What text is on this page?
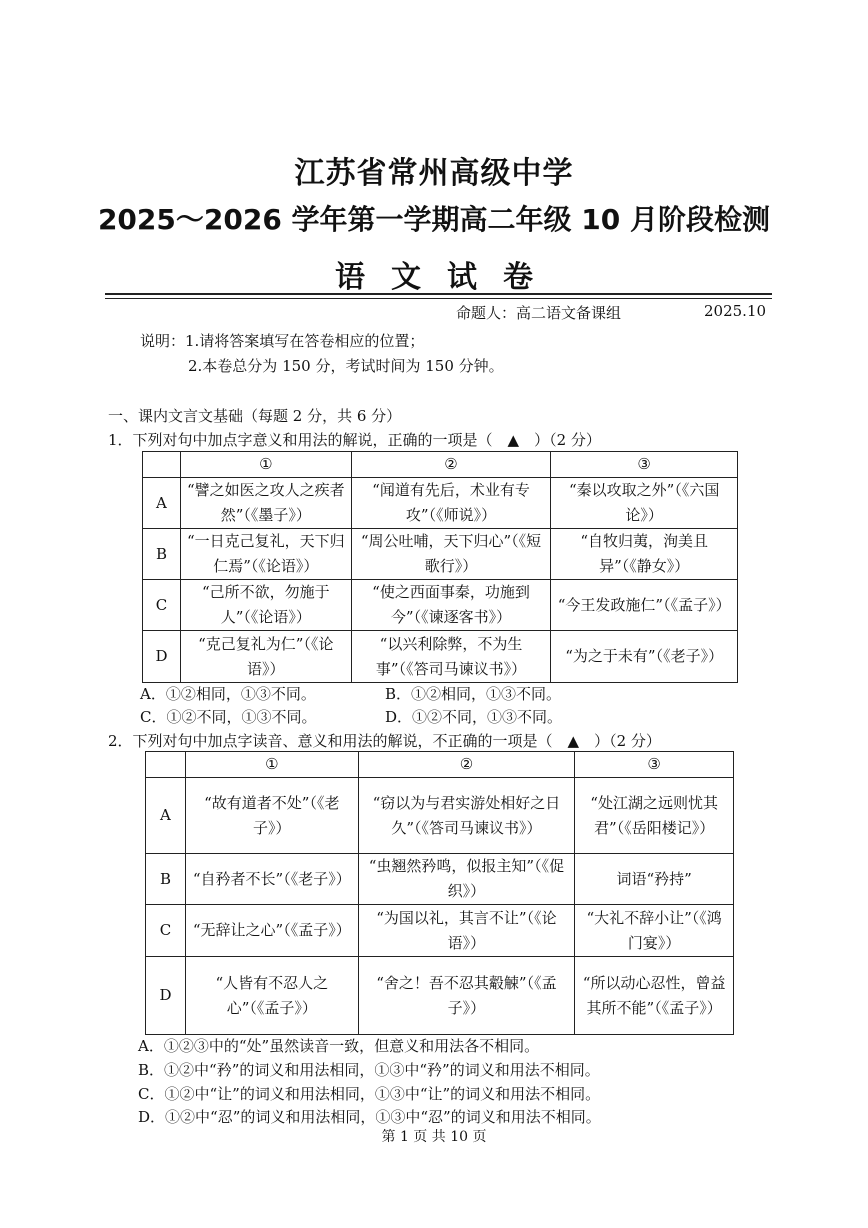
江苏省常州高级中学
2025～2026 学年第一学期高二年级 10 月阶段检测
语文试卷
命题人：高二语文备课组	2025.10
说明：1.请将答案填写在答卷相应的位置；
2.本卷总分为 150 分，考试时间为 150 分钟。
一、课内文言文基础（每题 2 分，共 6 分）
1．下列对句中加点字意义和用法的解说，正确的一项是（　▲　）（2 分）
	①	②	③
A	“譬之如医之攻人之疾者然”（《墨子》）	“闻道有先后，术业有专攻”（《师说》）	“秦以攻取之外”（《六国论》）
B	“一日克己复礼，天下归仁焉”（《论语》）	“周公吐哺，天下归心”（《短歌行》）	“自牧归荑，洵美且异”（《静女》）
C	“己所不欲，勿施于人”（《论语》）	“使之西面事秦，功施到今”（《谏逐客书》）	“今王发政施仁”（《孟子》）
D	“克己复礼为仁”（《论语》）	“以兴利除弊，不为生事”（《答司马谏议书》）	“为之于未有”（《老子》）
A．①②相同，①③不同。	B．①②相同，①③不同。
C．①②不同，①③不同。	D．①②不同，①③不同。
2．下列对句中加点字读音、意义和用法的解说，不正确的一项是（　▲　）（2 分）
	①	②	③
A	“故有道者不处”（《老子》）	“窃以为与君实游处相好之日久”（《答司马谏议书》）	“处江湖之远则忧其君”（《岳阳楼记》）
B	“自矜者不长”（《老子》）	“虫翘然矜鸣，似报主知”（《促织》）	词语“矜持”
C	“无辞让之心”（《孟子》）	“为国以礼，其言不让”（《论语》）	“大礼不辞小让”（《鸿门宴》）
D	“人皆有不忍人之心”（《孟子》）	“舍之！吾不忍其觳觫”（《孟子》）	“所以动心忍性，曾益其所不能”（《孟子》）
A．①②③中的“处”虽然读音一致，但意义和用法各不相同。
B．①②中“矜”的词义和用法相同，①③中“矜”的词义和用法不相同。
C．①②中“让”的词义和用法相同，①③中“让”的词义和用法不相同。
D．①②中“忍”的词义和用法相同，①③中“忍”的词义和用法不相同。
第 1 页 共 10 页
